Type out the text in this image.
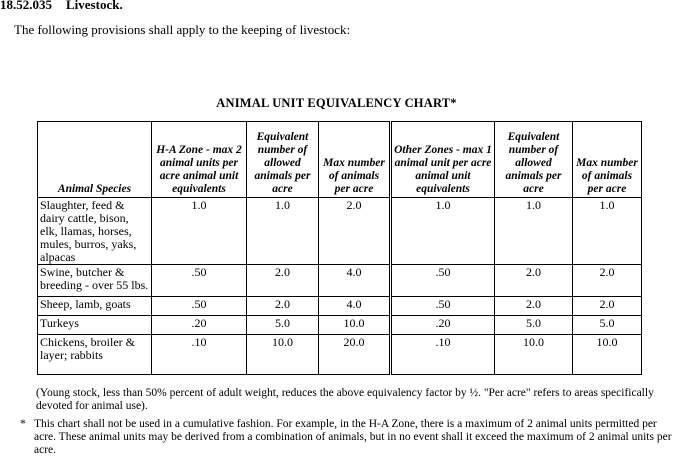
18.52.035 Livestock.
The following provisions shall apply to the keeping of livestock:
ANIMAL UNIT EQUIVALENCY CHART*
Animal Species	H-A Zone - max 2 animal units per acre animal unit equivalents	Equivalent number of allowed animals per acre	Max number of animals per acre	Other Zones - max 1 animal unit per acre animal unit equivalents	Equivalent number of allowed animals per acre	Max number of animals per acre
Slaughter, feed & dairy cattle, bison, elk, llamas, horses, mules, burros, yaks, alpacas	1.0	1.0	2.0	1.0	1.0	1.0
Swine, butcher & breeding - over 55 lbs.	.50	2.0	4.0	.50	2.0	2.0
Sheep, lamb, goats	.50	2.0	4.0	.50	2.0	2.0
Turkeys	.20	5.0	10.0	.20	5.0	5.0
Chickens, broiler & layer; rabbits	.10	10.0	20.0	.10	10.0	10.0
(Young stock, less than 50% percent of adult weight, reduces the above equivalency factor by ½. "Per acre" refers to areas specifically devoted for animal use).
* This chart shall not be used in a cumulative fashion. For example, in the H-A Zone, there is a maximum of 2 animal units permitted per acre. These animal units may be derived from a combination of animals, but in no event shall it exceed the maximum of 2 animal units per acre.
